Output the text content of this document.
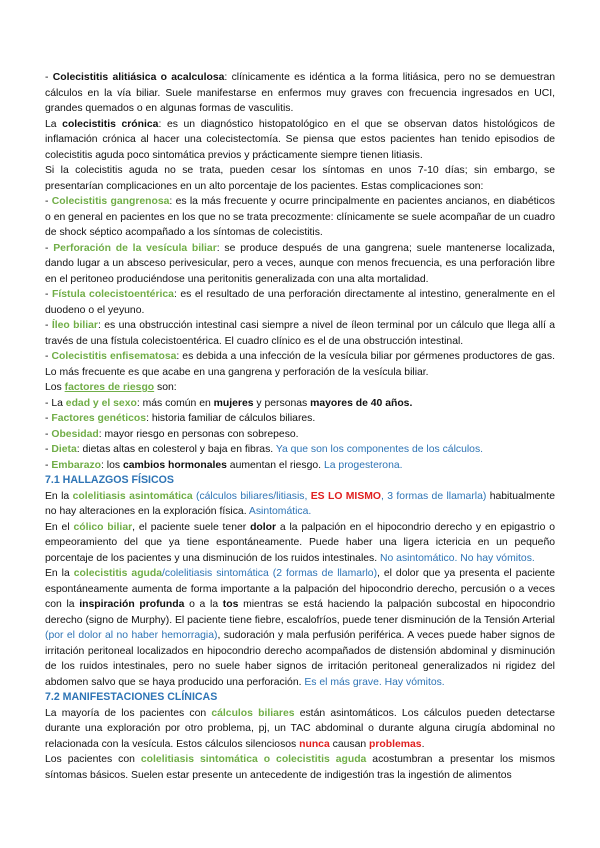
- Colecistitis alitiásica o acalculosa: clínicamente es idéntica a la forma litiásica, pero no se demuestran cálculos en la vía biliar. Suele manifestarse en enfermos muy graves con frecuencia ingresados en UCI, grandes quemados o en algunas formas de vasculitis.

La colecistitis crónica: es un diagnóstico histopatológico en el que se observan datos histológicos de inflamación crónica al hacer una colecistectomía. Se piensa que estos pacientes han tenido episodios de colecistitis aguda poco sintomática previos y prácticamente siempre tienen litiasis.

Si la colecistitis aguda no se trata, pueden cesar los síntomas en unos 7-10 días; sin embargo, se presentarían complicaciones en un alto porcentaje de los pacientes. Estas complicaciones son:

- Colecistitis gangrenosa: es la más frecuente y ocurre principalmente en pacientes ancianos, en diabéticos o en general en pacientes en los que no se trata precozmente: clínicamente se suele acompañar de un cuadro de shock séptico acompañado a los síntomas de colecistitis.

- Perforación de la vesícula biliar: se produce después de una gangrena; suele mantenerse localizada, dando lugar a un absceso perivesicular, pero a veces, aunque con menos frecuencia, es una perforación libre en el peritoneo produciéndose una peritonitis generalizada con una alta mortalidad.

- Fístula colecistoentérica: es el resultado de una perforación directamente al intestino, generalmente en el duodeno o el yeyuno.

- Íleo biliar: es una obstrucción intestinal casi siempre a nivel de íleon terminal por un cálculo que llega allí a través de una fístula colecistoentérica. El cuadro clínico es el de una obstrucción intestinal.

- Colecistitis enfisematosa: es debida a una infección de la vesícula biliar por gérmenes productores de gas. Lo más frecuente es que acabe en una gangrena y perforación de la vesícula biliar.

Los factores de riesgo son:

- La edad y el sexo: más común en mujeres y personas mayores de 40 años.

- Factores genéticos: historia familiar de cálculos biliares.

- Obesidad: mayor riesgo en personas con sobrepeso.

- Dieta: dietas altas en colesterol y baja en fibras. Ya que son los componentes de los cálculos.

- Embarazo: los cambios hormonales aumentan el riesgo. La progesterona.

7.1 HALLAZGOS FÍSICOS

En la colelitiasis asintomática (cálculos biliares/litiasis, ES LO MISMO, 3 formas de llamarla) habitualmente no hay alteraciones en la exploración física. Asintomática.

En el cólico biliar, el paciente suele tener dolor a la palpación en el hipocondrio derecho y en epigastrio o empeoramiento del que ya tiene espontáneamente. Puede haber una ligera ictericia en un pequeño porcentaje de los pacientes y una disminución de los ruidos intestinales. No asintomático. No hay vómitos.

En la colecistitis aguda/colelitiasis sintomática (2 formas de llamarlo), el dolor que ya presenta el paciente espontáneamente aumenta de forma importante a la palpación del hipocondrio derecho, percusión o a veces con la inspiración profunda o a la tos mientras se está haciendo la palpación subcostal en hipocondrio derecho (signo de Murphy). El paciente tiene fiebre, escalofríos, puede tener disminución de la Tensión Arterial (por el dolor al no haber hemorragia), sudoración y mala perfusión periférica. A veces puede haber signos de irritación peritoneal localizados en hipocondrio derecho acompañados de distensión abdominal y disminución de los ruidos intestinales, pero no suele haber signos de irritación peritoneal generalizados ni rigidez del abdomen salvo que se haya producido una perforación. Es el más grave. Hay vómitos.

7.2 MANIFESTACIONES CLÍNICAS

La mayoría de los pacientes con cálculos biliares están asintomáticos. Los cálculos pueden detectarse durante una exploración por otro problema, pj, un TAC abdominal o durante alguna cirugía abdominal no relacionada con la vesícula. Estos cálculos silenciosos nunca causan problemas.

Los pacientes con colelitiasis sintomática o colecistitis aguda acostumbran a presentar los mismos síntomas básicos. Suelen estar presente un antecedente de indigestión tras la ingestión de alimentos
